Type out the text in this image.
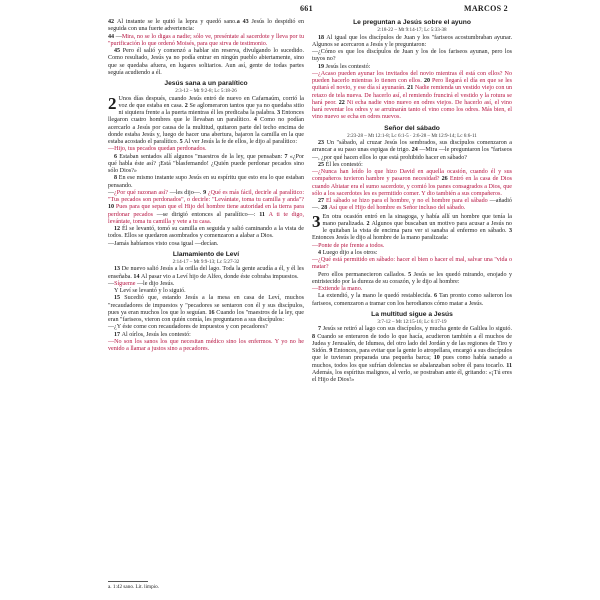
661	MARCOS 2

42 Al instante se le quitó la lepra y quedó sano.a 43 Jesús lo despidió en seguida con una fuerte advertencia:

44 —Mira, no se lo digas a nadie; sólo ve, preséntate al sacerdote y lleva por tu "purificación lo que ordenó Moisés, para que sirva de testimonio.

45 Pero él salió y comenzó a hablar sin reserva, divulgando lo sucedido. Como resultado, Jesús ya no podía entrar en ningún pueblo abiertamente, sino que se quedaba afuera, en lugares solitarios. Aun así, gente de todas partes seguía acudiendo a él.

Jesús sana a un paralítico
2:3-12 – Mt 9:2-8; Lc 5:18-26

2 Unos días después, cuando Jesús entró de nuevo en Cafarnaúm, corrió la voz de que estaba en casa. 2 Se aglomeraron tantos que ya no quedaba sitio ni siquiera frente a la puerta mientras él les predicaba la palabra. 3 Entonces llegaron cuatro hombres que le llevaban un paralítico. 4 Como no podían acercarlo a Jesús por causa de la multitud, quitaron parte del techo encima de donde estaba Jesús y, luego de hacer una abertura, bajaron la camilla en la que estaba acostado el paralítico. 5 Al ver Jesús la fe de ellos, le dijo al paralítico:

—Hijo, tus pecados quedan perdonados.

6 Estaban sentados allí algunos "maestros de la ley, que pensaban: 7 «¿Por qué habla éste así? ¡Está "blasfemando! ¿Quién puede perdonar pecados sino sólo Dios?»

8 En ese mismo instante supo Jesús en su espíritu que esto era lo que estaban pensando.

—¿Por qué razonan así? —les dijo—. 9 ¿Qué es más fácil, decirle al paralítico: "Tus pecados son perdonados", o decirle: "Levántate, toma tu camilla y anda"? 10 Pues para que sepan que el Hijo del hombre tiene autoridad en la tierra para perdonar pecados —se dirigió entonces al paralítico—: 11 A ti te digo, levántate, toma tu camilla y vete a tu casa.

12 Él se levantó, tomó su camilla en seguida y salió caminando a la vista de todos. Ellos se quedaron asombrados y comenzaron a alabar a Dios.

—Jamás habíamos visto cosa igual —decían.

Llamamiento de Leví
2:14-17 – Mt 9:9-13; Lc 5:27-32

13 De nuevo salió Jesús a la orilla del lago. Toda la gente acudía a él, y él les enseñaba. 14 Al pasar vio a Leví hijo de Alfeo, donde éste cobraba impuestos.

—Sígueme —le dijo Jesús.

Y Leví se levantó y lo siguió.

15 Sucedió que, estando Jesús a la mesa en casa de Leví, muchos "recaudadores de impuestos y "pecadores se sentaron con él y sus discípulos, pues ya eran muchos los que lo seguían. 16 Cuando los "maestros de la ley, que eran "fariseos, vieron con quién comía, les preguntaron a sus discípulos:

—¿Y éste come con recaudadores de impuestos y con pecadores?

17 Al oírlos, Jesús les contestó:

—No son los sanos los que necesitan médico sino los enfermos. Y yo no he venido a llamar a justos sino a pecadores.

Le preguntan a Jesús sobre el ayuno
2:18-22 – Mt 9:14-17; Lc 5:33-38

18 Al igual que los discípulos de Juan y los "fariseos acostumbraban ayunar. Algunos se acercaron a Jesús y le preguntaron:

—¿Cómo es que los discípulos de Juan y los de los fariseos ayunan, pero los tuyos no?

19 Jesús les contestó:

—¿Acaso pueden ayunar los invitados del novio mientras él está con ellos? No pueden hacerlo mientras lo tienen con ellos. 20 Pero llegará el día en que se les quitará el novio, y ese día sí ayunarán. 21 Nadie remienda un vestido viejo con un retazo de tela nueva. De hacerlo así, el remiendo fruncirá el vestido y la rotura se hará peor. 22 Ni echa nadie vino nuevo en odres viejos. De hacerlo así, el vino hará reventar los odres y se arruinarán tanto el vino como los odres. Más bien, el vino nuevo se echa en odres nuevos.

Señor del sábado
2:23-28 – Mt 12:1-8; Lc 6:1-5 · 2:6-28 – Mt 12:9-14; Lc 6:6-11

23 Un "sábado, al cruzar Jesús los sembrados, sus discípulos comenzaron a arrancar a su paso unas espigas de trigo. 24 —Mira —le preguntaron los "fariseos—, ¿por qué hacen ellos lo que está prohibido hacer en sábado?

25 Él les contestó:

—¿Nunca han leído lo que hizo David en aquella ocasión, cuando él y sus compañeros tuvieron hambre y pasaron necesidad? 26 Entró en la casa de Dios cuando Abiatar era el sumo sacerdote, y comió los panes consagrados a Dios, que sólo a los sacerdotes les es permitido comer. Y dio también a sus compañeros.

27 El sábado se hizo para el hombre, y no el hombre para el sábado —añadió—. 28 Así que el Hijo del hombre es Señor incluso del sábado.

3 En otra ocasión entró en la sinagoga, y había allí un hombre que tenía la mano paralizada. 2 Algunos que buscaban un motivo para acusar a Jesús no le quitaban la vista de encima para ver si sanaba al enfermo en sábado. 3 Entonces Jesús le dijo al hombre de la mano paralizada:

—Ponte de pie frente a todos.

4 Luego dijo a los otros:

—¿Qué está permitido en sábado: hacer el bien o hacer el mal, salvar una "vida o matar?

Pero ellos permanecieron callados. 5 Jesús se les quedó mirando, enojado y entristecido por la dureza de su corazón, y le dijo al hombre:

—Extiende la mano.

La extendió, y la mano le quedó restablecida. 6 Tan pronto como salieron los fariseos, comenzaron a tramar con los herodianos cómo matar a Jesús.

La multitud sigue a Jesús
3:7-12 – Mt 12:15-16; Lc 6:17-19

7 Jesús se retiró al lago con sus discípulos, y mucha gente de Galilea lo siguió. 8 Cuando se enteraron de todo lo que hacía, acudieron también a él muchos de Judea y Jerusalén, de Idumea, del otro lado del Jordán y de las regiones de Tiro y Sidón. 9 Entonces, para evitar que la gente lo atropellara, encargó a sus discípulos que le tuvieran preparada una pequeña barca; 10 pues como había sanado a muchos, todos los que sufrían dolencias se abalanzaban sobre él para tocarlo. 11 Además, los espíritus malignos, al verlo, se postraban ante él, gritando: «¡Tú eres el Hijo de Dios!»

a. 1:42 sano. Lit. limpio.
